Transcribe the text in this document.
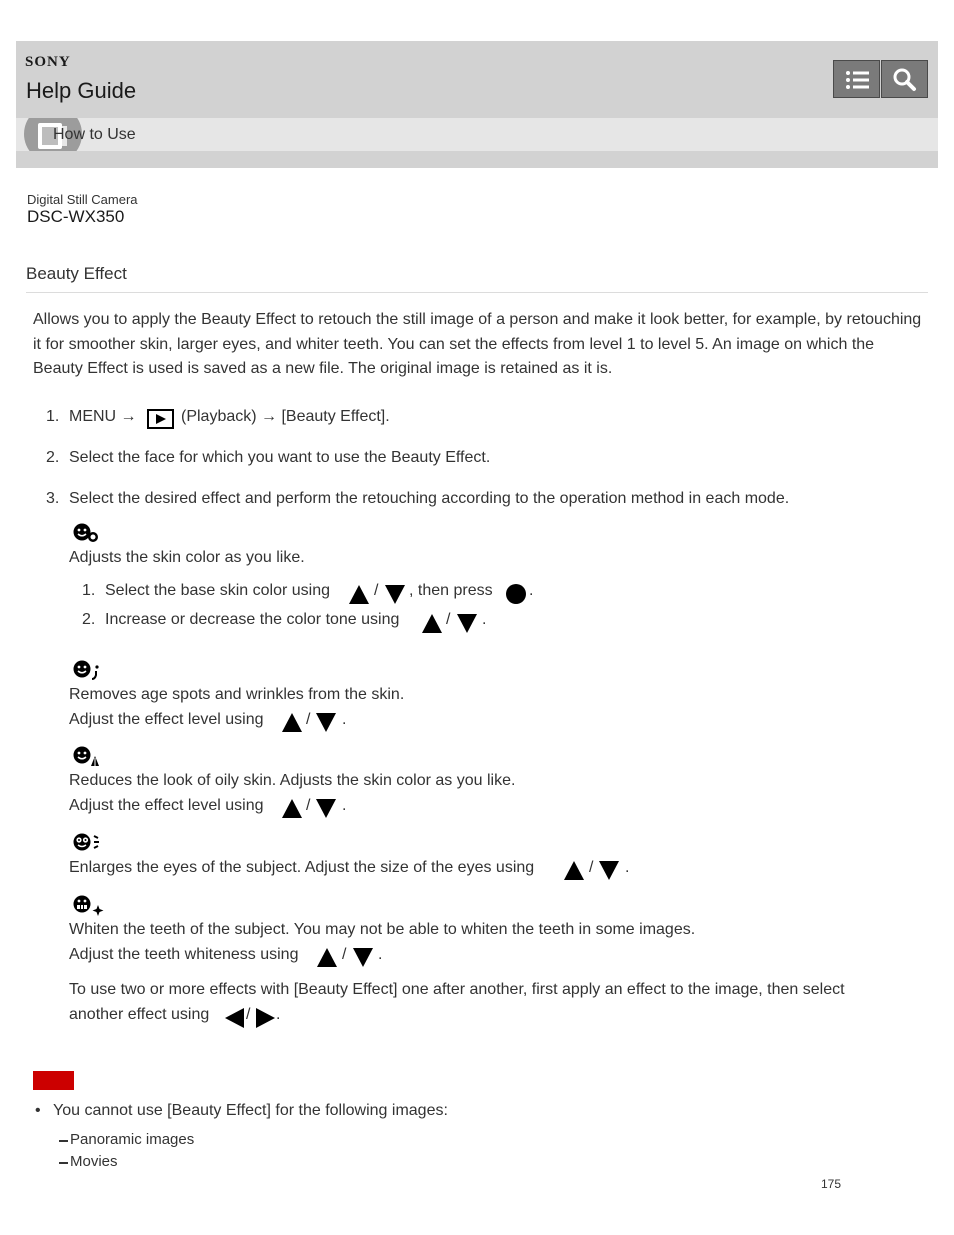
SONY
Help Guide
How to Use
Digital Still Camera
DSC-WX350
Beauty Effect
Allows you to apply the Beauty Effect to retouch the still image of a person and make it look better, for example, by retouching it for smoother skin, larger eyes, and whiter teeth. You can set the effects from level 1 to level 5. An image on which the Beauty Effect is used is saved as a new file. The original image is retained as it is.
1. MENU →	(Playback) → [Beauty Effect].
2. Select the face for which you want to use the Beauty Effect.
3. Select the desired effect and perform the retouching according to the operation method in each mode.
Adjusts the skin color as you like.
1. Select the base skin color using	/ , then press .
2. Increase or decrease the color tone using	/ .
Removes age spots and wrinkles from the skin.
Adjust the effect level using	/ .
Reduces the look of oily skin. Adjusts the skin color as you like.
Adjust the effect level using	/ .
Enlarges the eyes of the subject. Adjust the size of the eyes using	/ .
Whiten the teeth of the subject. You may not be able to whiten the teeth in some images.
Adjust the teeth whiteness using	/ .
To use two or more effects with [Beauty Effect] one after another, first apply an effect to the image, then select
another effect using / .
• You cannot use [Beauty Effect] for the following images:
Panoramic images
Movies
175
